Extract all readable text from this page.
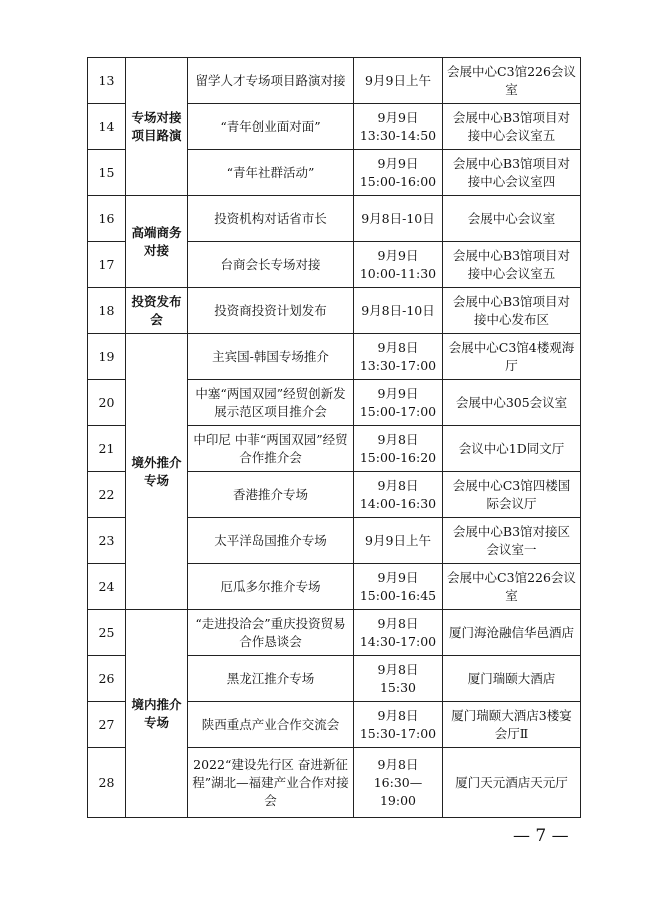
13	专场对接项目路演	留学人才专场项目路演对接	9月9日上午	会展中心C3馆226会议室
14		“青年创业面对面”	9月9日 13:30-14:50	会展中心B3馆项目对接中心会议室五
15		“青年社群活动”	9月9日 15:00-16:00	会展中心B3馆项目对接中心会议室四
16	高端商务对接	投资机构对话省市长	9月8日-10日	会展中心会议室
17		台商会长专场对接	9月9日 10:00-11:30	会展中心B3馆项目对接中心会议室五
18	投资发布会	投资商投资计划发布	9月8日-10日	会展中心B3馆项目对接中心发布区
19	境外推介专场	主宾国-韩国专场推介	9月8日 13:30-17:00	会展中心C3馆4楼观海厅
20		中塞“两国双园”经贸创新发展示范区项目推介会	9月9日 15:00-17:00	会展中心305会议室
21		中印尼 中菲“两国双园”经贸合作推介会	9月8日 15:00-16:20	会议中心1D同文厅
22		香港推介专场	9月8日 14:00-16:30	会展中心C3馆四楼国际会议厅
23		太平洋岛国推介专场	9月9日上午	会展中心B3馆对接区会议室一
24		厄瓜多尔推介专场	9月9日 15:00-16:45	会展中心C3馆226会议室
25	境内推介专场	“走进投洽会”重庆投资贸易合作恳谈会	9月8日 14:30-17:00	厦门海沧融信华邑酒店
26		黑龙江推介专场	9月8日 15:30	厦门瑞颐大酒店
27		陕西重点产业合作交流会	9月8日 15:30-17:00	厦门瑞颐大酒店3楼宴会厅Ⅱ
28		2022“建设先行区 奋进新征程”湖北—福建产业合作对接会	9月8日 16:30—19:00	厦门天元酒店天元厅
— 7 —
